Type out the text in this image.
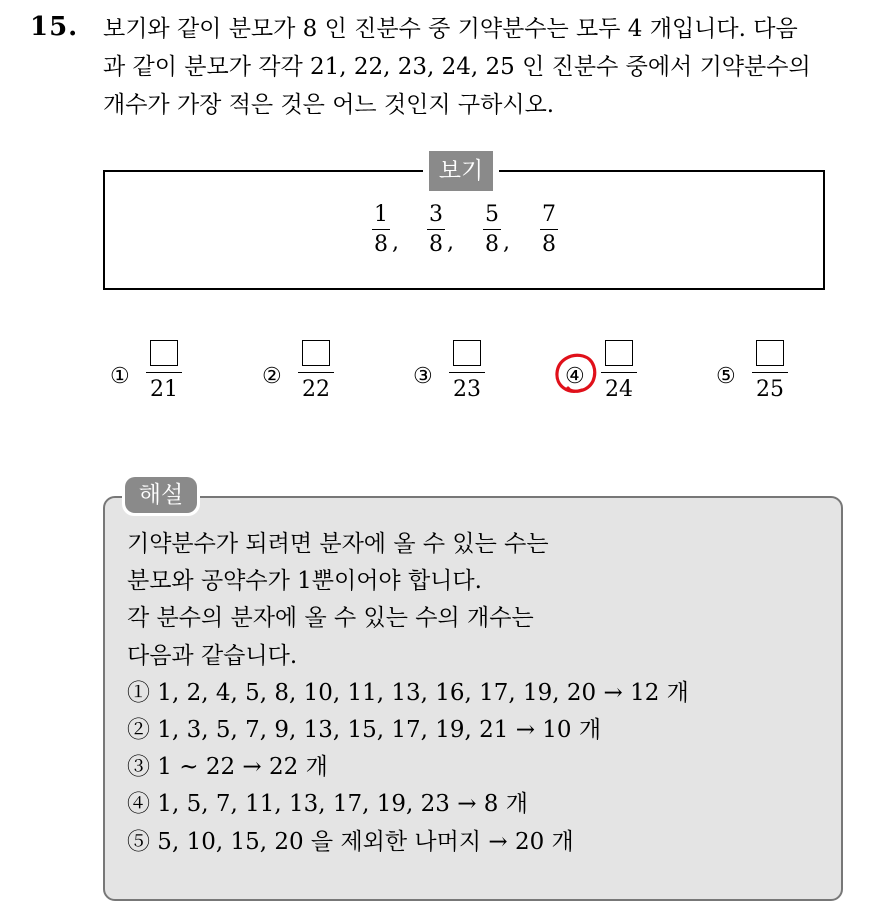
15. 보기와 같이 분모가 8 인 진분수 중 기약분수는 모두 4 개입니다. 다음
과 같이 분모가 각각 21, 22, 23, 24, 25 인 진분수 중에서 기약분수의
개수가 가장 적은 것은 어느 것인지 구하시오.

보기
1
8 ,
3
8 ,
5
8 ,
7
8
①
21
②
22
③
23
④
24
⑤
25
해설
기약분수가 되려면 분자에 올 수 있는 수는
분모와 공약수가 1뿐이어야 합니다.
각 분수의 분자에 올 수 있는 수의 개수는
다음과 같습니다.
① 1, 2, 4, 5, 8, 10, 11, 13, 16, 17, 19, 20 → 12 개
② 1, 3, 5, 7, 9, 13, 15, 17, 19, 21 → 10 개
③ 1 ~ 22 → 22 개
④ 1, 5, 7, 11, 13, 17, 19, 23 → 8 개
⑤ 5, 10, 15, 20 을 제외한 나머지 → 20 개
